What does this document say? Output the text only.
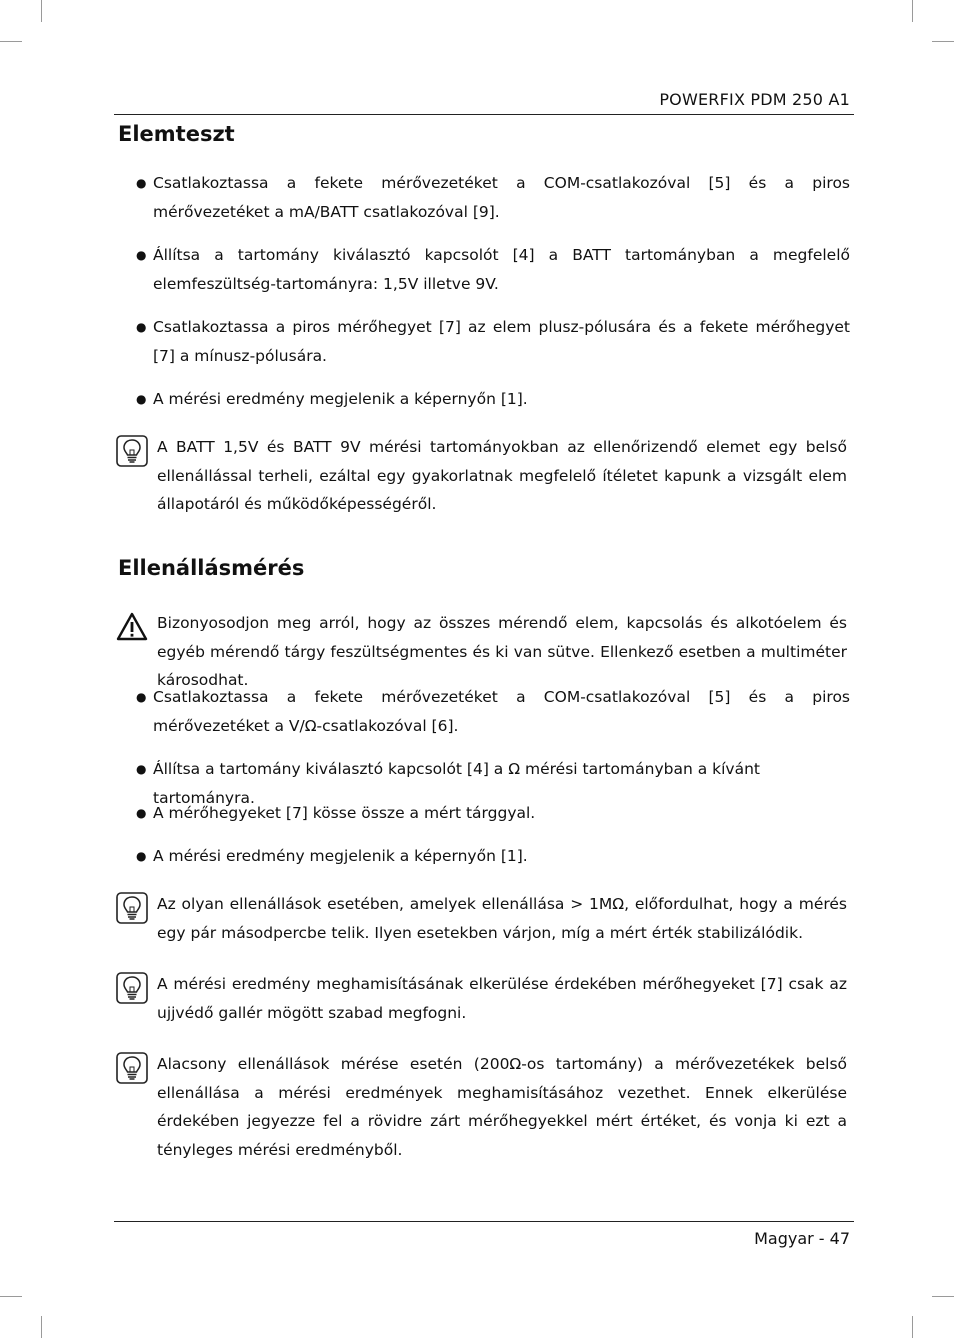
POWERFIX PDM 250 A1
Elemteszt
● Csatlakoztassa a fekete mérővezetéket a COM-csatlakozóval [5] és a piros mérővezetéket a mA/BATT csatlakozóval [9].
● Állítsa a tartomány kiválasztó kapcsolót [4] a BATT tartományban a megfelelő elemfeszültség-tartományra: 1,5V illetve 9V.
● Csatlakoztassa a piros mérőhegyet [7] az elem plusz-pólusára és a fekete mérőhegyet [7] a mínusz-pólusára.
● A mérési eredmény megjelenik a képernyőn [1].
A BATT 1,5V és BATT 9V mérési tartományokban az ellenőrizendő elemet egy belső ellenállással terheli, ezáltal egy gyakorlatnak megfelelő ítéletet kapunk a vizsgált elem állapotáról és működőképességéről.
Ellenállásmérés
Bizonyosodjon meg arról, hogy az összes mérendő elem, kapcsolás és alkotóelem és egyéb mérendő tárgy feszültségmentes és ki van sütve. Ellenkező esetben a multiméter károsodhat.
● Csatlakoztassa a fekete mérővezetéket a COM-csatlakozóval [5] és a piros mérővezetéket a V/Ω-csatlakozóval [6].
● Állítsa a tartomány kiválasztó kapcsolót [4] a Ω mérési tartományban a kívánt tartományra.
● A mérőhegyeket [7] kösse össze a mért tárggyal.
● A mérési eredmény megjelenik a képernyőn [1].
Az olyan ellenállások esetében, amelyek ellenállása > 1MΩ, előfordulhat, hogy a mérés egy pár másodpercbe telik. Ilyen esetekben várjon, míg a mért érték stabilizálódik.
A mérési eredmény meghamisításának elkerülése érdekében mérőhegyeket [7] csak az ujjvédő gallér mögött szabad megfogni.
Alacsony ellenállások mérése esetén (200Ω-os tartomány) a mérővezetékek belső ellenállása a mérési eredmények meghamisításához vezethet. Ennek elkerülése érdekében jegyezze fel a rövidre zárt mérőhegyekkel mért értéket, és vonja ki ezt a tényleges mérési eredményből.
Magyar - 47
